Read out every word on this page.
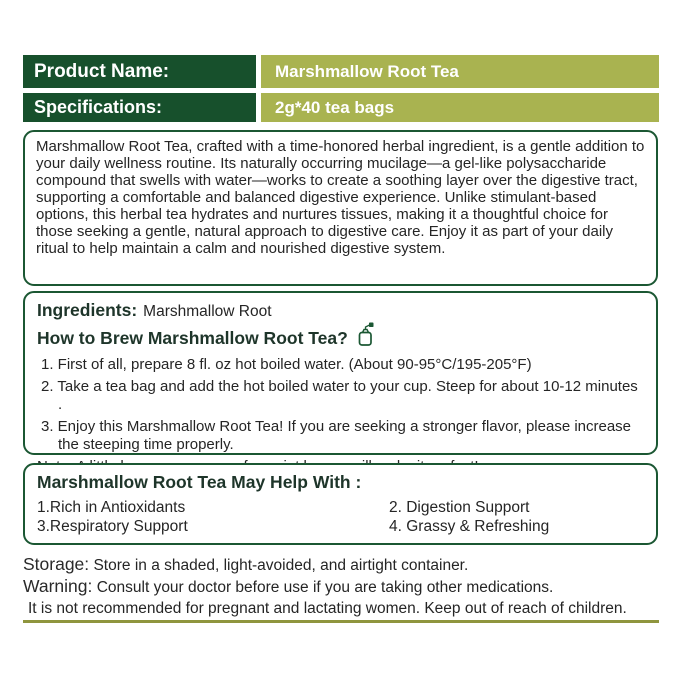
Product Name:	Marshmallow Root Tea
Specifications:	2g*40 tea bags
Marshmallow Root Tea, crafted with a time-honored herbal ingredient, is a gentle addition to your daily wellness routine. Its naturally occurring mucilage—a gel-like polysaccharide compound that swells with water—works to create a soothing layer over the digestive tract, supporting a comfortable and balanced digestive experience. Unlike stimulant-based options, this herbal tea hydrates and nurtures tissues, making it a thoughtful choice for those seeking a gentle, natural approach to digestive care. Enjoy it as part of your daily ritual to help maintain a calm and nourished digestive system.
Ingredients: Marshmallow Root
How to Brew Marshmallow Root Tea?
1. First of all, prepare 8 fl. oz hot boiled water. (About 90-95°C/195-205°F)
2. Take a tea bag and add the hot boiled water to your cup. Steep for about 10-12 minutes .
3. Enjoy this Marshmallow Root Tea! If you are seeking a stronger flavor, please increase the steeping time properly.
Marshmallow Root Tea May Help With :
1.Rich in Antioxidants	2. Digestion Support
3.Respiratory Support	4. Grassy & Refreshing
Storage: Store in a shaded, light-avoided, and airtight container.
Warning: Consult your doctor before use if you are taking other medications.
It is not recommended for pregnant and lactating women. Keep out of reach of children.
